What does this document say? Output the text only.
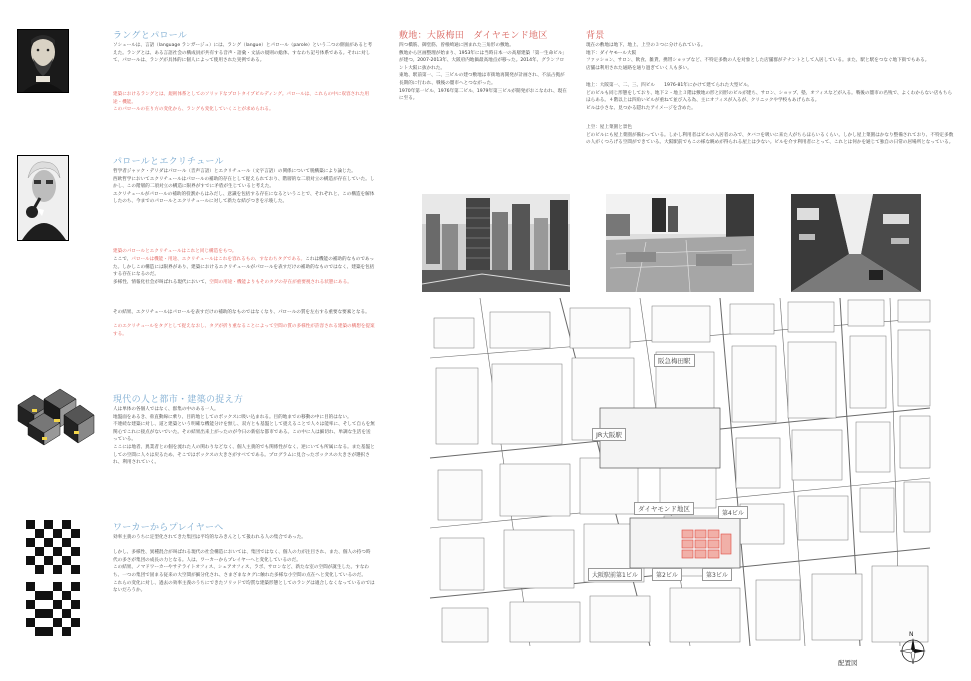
ラングとパロール
ソシュールは、言語（language ランガージュ）には、ラング（langue）とパロール（parole）という二つの側面があると考えた。ラングとは、ある言語社会の構成員が共有する音声・語彙・文法の規則の総体、すなわち記号体系である。それに対して、パロールは、ラングが具体的に個人によって使用された実例である。
建築におけるラングとは、規則体系としてのソリッドなプロトタイプビルディング。パロールは、これらの中に収容された用途・機能。
このパロールの在り方の変化から、ラングも変化していくことが求められる。
パロールとエクリチュール
哲学者ジャック・デリダはパロール（音声言語）とエクリチュール（文字言語）の関係について脱構築により論じた。
西欧哲学においてエクリチュールはパロールの補助的存在として捉えられており、階層的な二項対立の構造が存在していた。しかし、この階層的二項対立の構造に限界がすでに矛盾が生じていると考えた。
エクリチュールがパロールの補助的役割からはみだし、意識を包括する存在になるということで、それぞれと、この構造を解体したのち、今までのパロールとエクリチュールに対して新たな結びつきを示唆した。
建築のパロールとエクリチュールはこれと同じ構造をもつ。
ここで、パロールは機能・用途、エクリチュールはこれを容れるもの、すなわちタグである。これは機能の補助的なものであった。しかしこの構造には限界があり、建築におけるエクリチュールがパロールを表すだけの補助的なものではなく、建築を包括する存在になるのだ。
多様性、情報化社会が叫ばれる現代において、空間の用途・機能よりもそのタグの存在が重要視される状態にある。
その結果、エクリチュールはパロールを表すだけの補助的なものではなくなり、パロールの質を左右する重要な要素となる。
このエクリチュールをタグとして捉えなおし、タグが折り重なることによって空間の質の多様性が許容される建築の構想を提案する。
現代の人と都市・建築の捉え方
人は単体の各個人ではなく、群集の中のある一人。
地盤面をあるき、垂直動線に乗り、目的地としてのボックスに吸い込まれる。目的地までの移動の中に目的はない。
不連続な建築に対し、道と建築という明確な機能分けを無し、双方とも基盤として捉えることで人々は能率に、そして自らを無関心でこれに接点がないでいた。その結果出来上がったのが今日の新宿な都市である。この中に人は細切れ、単調な生活を送っている。
ここには地者、異業者との個を流れた人の関わりなどなく、個人主義的でも関係性がなく、逆にいても所属になる。また基盤としての空間に人々は戻るため、そこではボックスの大きさがすべてである。プログラムに見合ったボックスの大きさが選択され、利用されていく。
ワーカーからプレイヤーへ
効率主義のうちに定型化されてきた集団は平均的なみきんとして扱われる人の集合であった。

しかし、多様性、異種混合が叫ばれる現代の社会構造においては、集団ではなく、個人の力が注目され、また、個人の持つ時代の多さが集団の成長の力となる。人は、ワーカーからプレイヤーへと変化しているのだ。
この結果、ノマドワーカーやサテライトオフィス、シェアオフィス、ラボ、サロンなど、新たな室の空間が誕生した。すなわち、一つの集団で固まる従来の大空間が細分化され、さまざまなタグに触れた多様な小空間の点在へと変化しているのだ。
これらの変化に対し、過去の効率主義のうちにできたソリッドで均質な建築形態としてのラングは適合しなくなっているのではないだろうか。
敷地：大阪梅田　ダイヤモンド地区
四つ橋筋、御堂筋、曽根崎通に囲まれた三角形の敷地。
敷地から区画整理が始まり、1953年には当時日本一の高層建築「第一生命ビル」が建つ。2007-2013年、大阪府内地価最高地点が移った。2014年、グランフロント大阪に抜かれた。
東地、駅前第一、二、三ビルの建つ敷地は市街地再開発が計画され、不法占拠が長期的に行われ、戦後の闇市へとつながった。
1970年第一ビル、1976年第二ビル、1979年第三ビルが開発がおこなわれ、現在に至る。
背景
現在の敷地は地下、地上、上空の３つに分けられている。
地下：ダイヤモール大阪
ファッション、サロン、飲食、雑貨、携帯ショップなど、不特定多数の人を対象とした店舗群がテナントとして入居している。また、駅と駅をつなぐ地下街でもある。
店舗は利用された通路を通り過ぎていく人も多い。
地上：大阪第一、二、三、四ビル　　1976-81年にかけて建てられた大型ビル。
どのビルも同じ形態をしており、地下２・地上３階は敷地の形と同形のビルが建ち、サロン、ショップ、塾、オフィスなどが入る。戦後の闇市の名残で、よくわからない店もちらほらある。４階以上は四角いビルが重ねて並び入る為、主にオフィスが入るが、クリニックや学校もあげられる。
ビルは小さな、見つかる隠れたアイメージを含めた。
上空：屋上菜園と景色
どのビルにも屋上菜園が備わっている。しかし利用者はビルの入居者のみで、タバコを吸いに来た人がちらほらいるくらい。しかし屋上菜園はかなり整備されており、不特定多数の人がくつろげる空間ができている。大阪駅前でもこの様な眺めが得られる屋上は少ない。ビルを介す利用者にとって、これとは何かを通じて独自の日常の居場所となっている。
阪急梅田駅
JR大阪駅
ダイヤモンド地区
第4ビル
大阪駅前第1ビル	第2ビル	第3ビル
N
配置図
